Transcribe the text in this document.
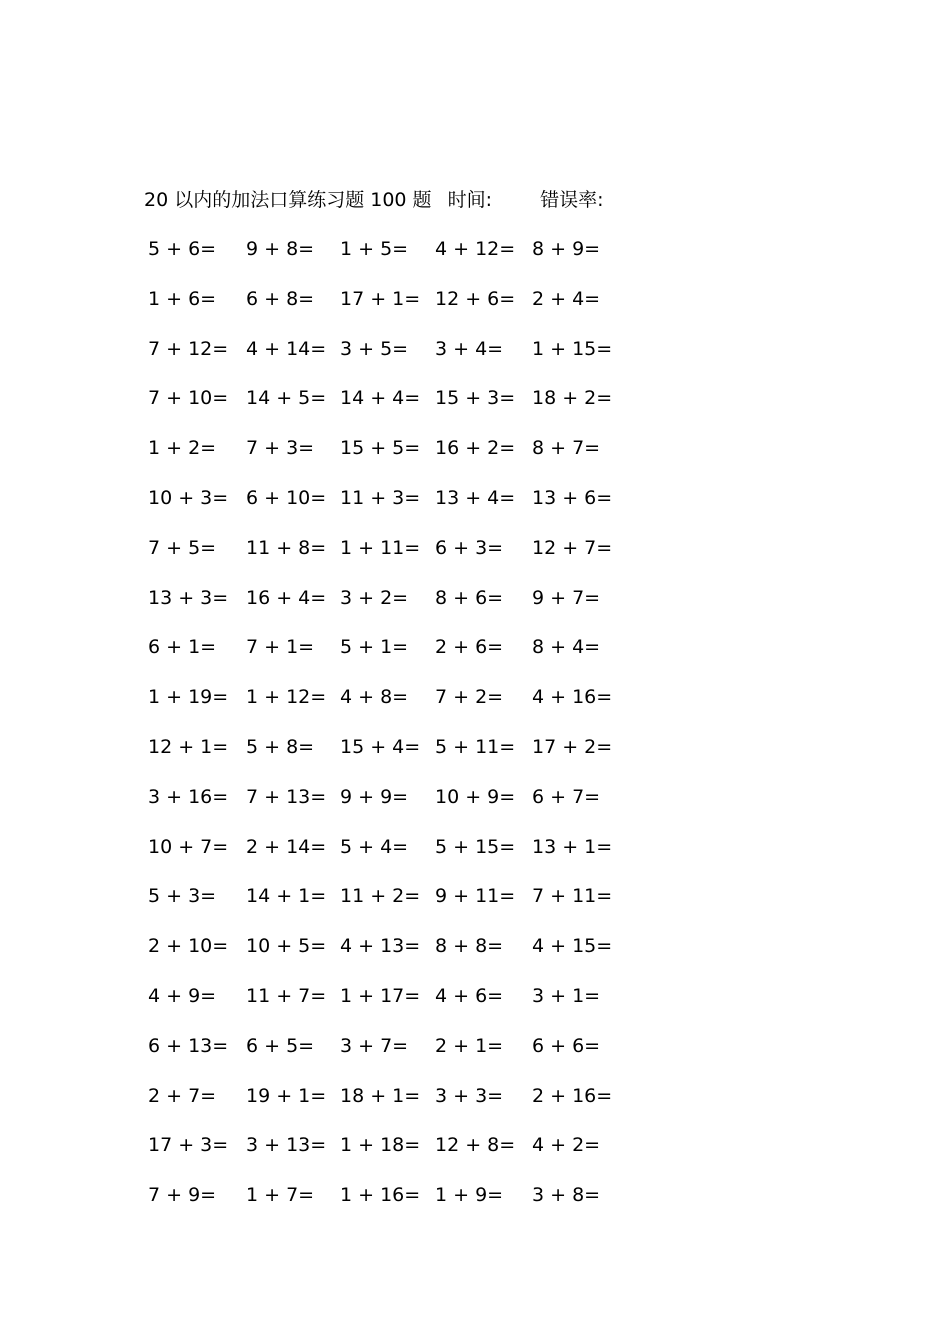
20 以内的加法口算练习题 100 题 时间:	错误率:
5 + 6=	9 + 8=	1 + 5=	4 + 12= 8 + 9=
1 + 6=	6 + 8=	17 + 1= 12 + 6= 2 + 4=
7 + 12= 4 + 14= 3 + 5=	3 + 4=	1 + 15=
7 + 10= 14 + 5= 14 + 4= 15 + 3= 18 + 2=
1 + 2=	7 + 3=	15 + 5= 16 + 2= 8 + 7=
10 + 3= 6 + 10= 11 + 3= 13 + 4= 13 + 6=
7 + 5=	11 + 8= 1 + 11= 6 + 3=	12 + 7=
13 + 3= 16 + 4= 3 + 2=	8 + 6=	9 + 7=
6 + 1=	7 + 1=	5 + 1=	2 + 6=	8 + 4=
1 + 19= 1 + 12= 4 + 8=	7 + 2=	4 + 16=
12 + 1= 5 + 8=	15 + 4= 5 + 11= 17 + 2=
3 + 16= 7 + 13= 9 + 9=	10 + 9= 6 + 7=
10 + 7= 2 + 14= 5 + 4=	5 + 15= 13 + 1=
5 + 3=	14 + 1= 11 + 2= 9 + 11= 7 + 11=
2 + 10= 10 + 5= 4 + 13= 8 + 8=	4 + 15=
4 + 9=	11 + 7= 1 + 17= 4 + 6=	3 + 1=
6 + 13= 6 + 5=	3 + 7=	2 + 1=	6 + 6=
2 + 7=	19 + 1= 18 + 1= 3 + 3=	2 + 16=
17 + 3= 3 + 13= 1 + 18= 12 + 8= 4 + 2=
7 + 9=	1 + 7=	1 + 16= 1 + 9=	3 + 8=
